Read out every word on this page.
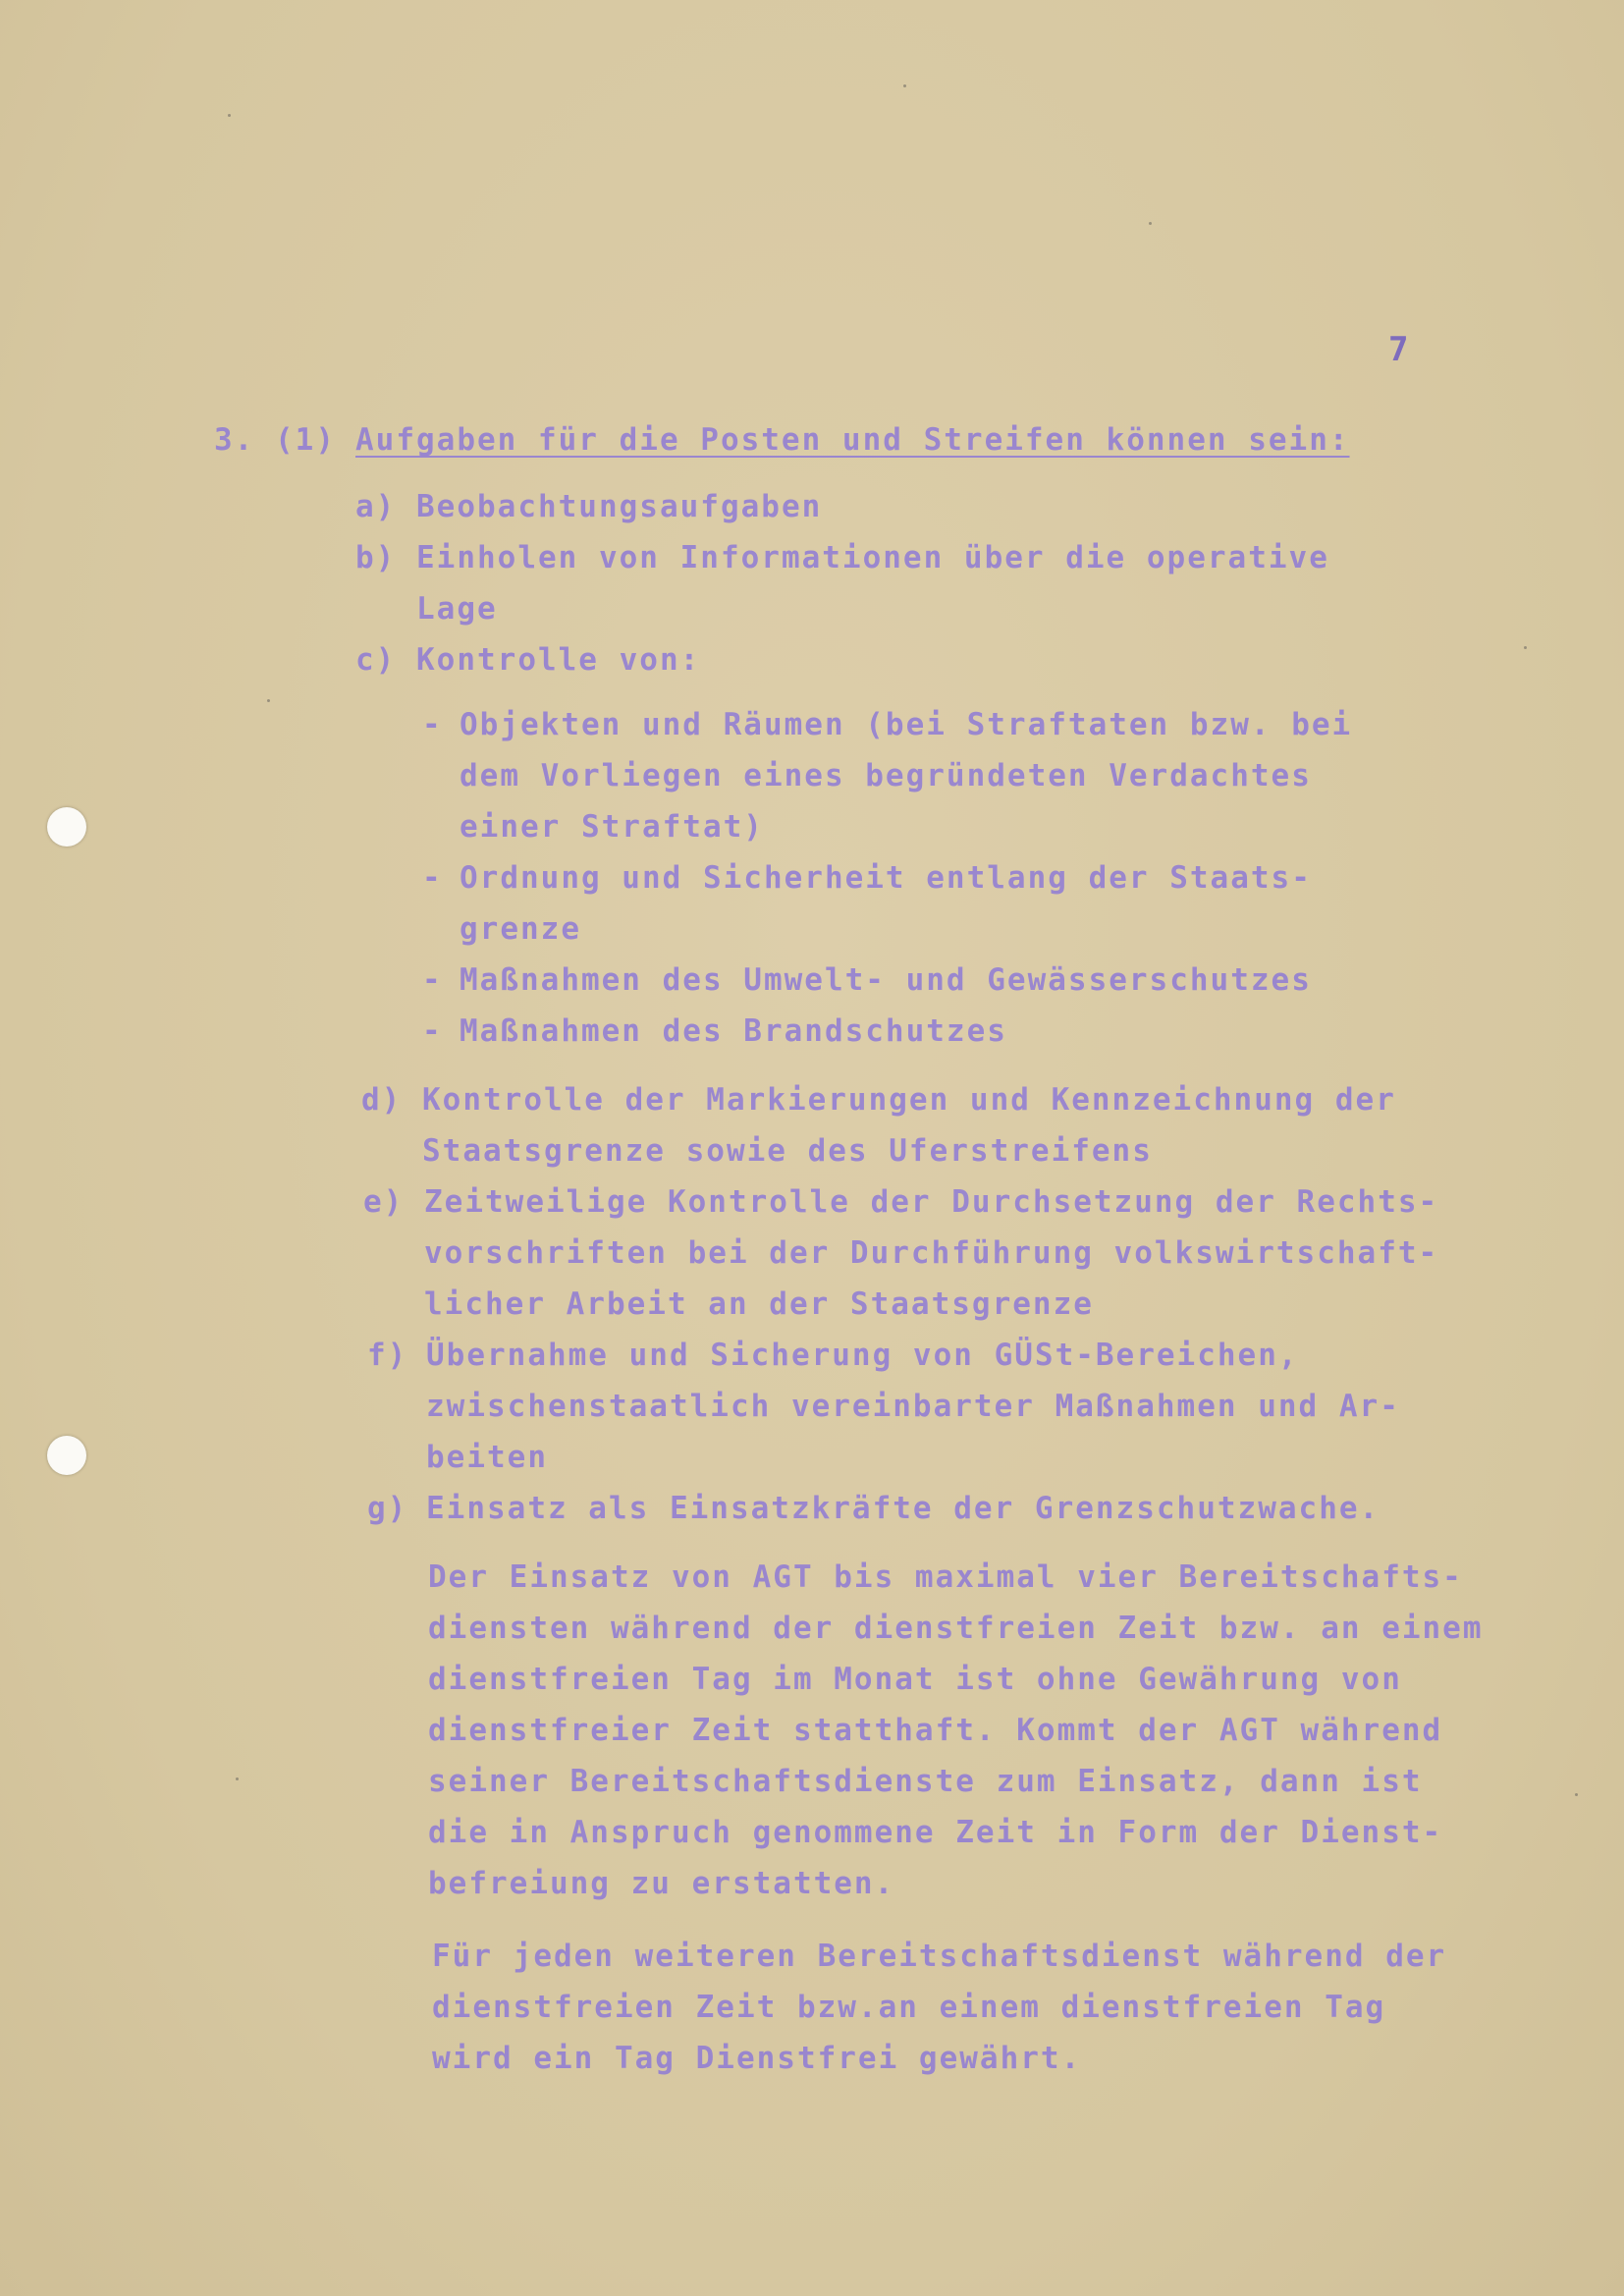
7

3. (1) Aufgaben für die Posten und Streifen können sein:

a) Beobachtungsaufgaben

b) Einholen von Informationen über die operative

Lage

c) Kontrolle von:

- Objekten und Räumen (bei Straftaten bzw. bei

dem Vorliegen eines begründeten Verdachtes

einer Straftat)

- Ordnung und Sicherheit entlang der Staats-

grenze

- Maßnahmen des Umwelt- und Gewässerschutzes

- Maßnahmen des Brandschutzes

d) Kontrolle der Markierungen und Kennzeichnung der

Staatsgrenze sowie des Uferstreifens

e) Zeitweilige Kontrolle der Durchsetzung der Rechts-

vorschriften bei der Durchführung volkswirtschaft-

licher Arbeit an der Staatsgrenze

f) Übernahme und Sicherung von GÜSt-Bereichen,

zwischenstaatlich vereinbarter Maßnahmen und Ar-

beiten

g) Einsatz als Einsatzkräfte der Grenzschutzwache.

Der Einsatz von AGT bis maximal vier Bereitschafts-

diensten während der dienstfreien Zeit bzw. an einem

dienstfreien Tag im Monat ist ohne Gewährung von

dienstfreier Zeit statthaft. Kommt der AGT während

seiner Bereitschaftsdienste zum Einsatz, dann ist

die in Anspruch genommene Zeit in Form der Dienst-

befreiung zu erstatten.

Für jeden weiteren Bereitschaftsdienst während der

dienstfreien Zeit bzw.an einem dienstfreien Tag

wird ein Tag Dienstfrei gewährt.
